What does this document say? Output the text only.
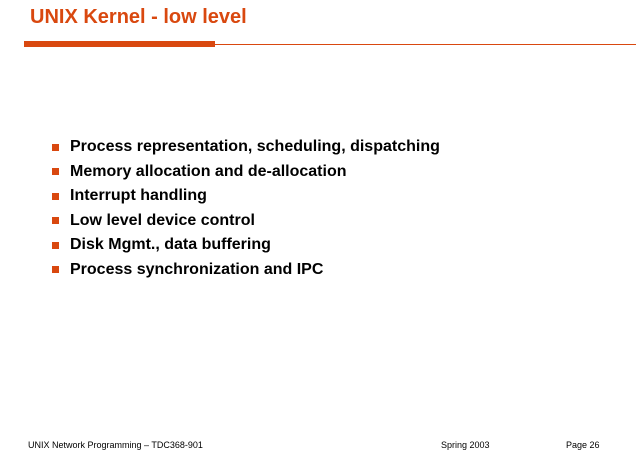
UNIX Kernel - low level
Process representation, scheduling, dispatching
Memory allocation and de-allocation
Interrupt handling
Low level device control
Disk Mgmt., data buffering
Process synchronization and IPC
UNIX Network Programming – TDC368-901	Spring 2003	Page 26
